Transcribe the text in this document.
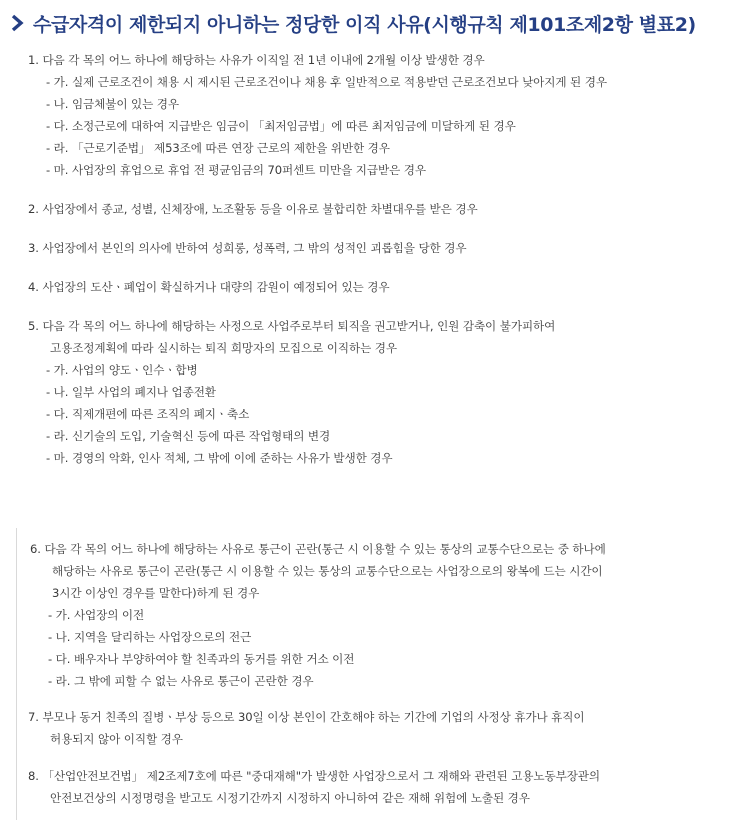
수급자격이 제한되지 아니하는 정당한 이직 사유(시행규칙 제101조제2항 별표2)
1. 다음 각 목의 어느 하나에 해당하는 사유가 이직일 전 1년 이내에 2개월 이상 발생한 경우
- 가. 실제 근로조건이 채용 시 제시된 근로조건이나 채용 후 일반적으로 적용받던 근로조건보다 낮아지게 된 경우
- 나. 임금체불이 있는 경우
- 다. 소정근로에 대하여 지급받은 임금이 「최저임금법」에 따른 최저임금에 미달하게 된 경우
- 라. 「근로기준법」 제53조에 따른 연장 근로의 제한을 위반한 경우
- 마. 사업장의 휴업으로 휴업 전 평균임금의 70퍼센트 미만을 지급받은 경우
2. 사업장에서 종교, 성별, 신체장애, 노조활동 등을 이유로 불합리한 차별대우를 받은 경우
3. 사업장에서 본인의 의사에 반하여 성희롱, 성폭력, 그 밖의 성적인 괴롭힘을 당한 경우
4. 사업장의 도산ㆍ폐업이 확실하거나 대량의 감원이 예정되어 있는 경우
5. 다음 각 목의 어느 하나에 해당하는 사정으로 사업주로부터 퇴직을 권고받거나, 인원 감축이 불가피하여
고용조정계획에 따라 실시하는 퇴직 희망자의 모집으로 이직하는 경우
- 가. 사업의 양도ㆍ인수ㆍ합병
- 나. 일부 사업의 폐지나 업종전환
- 다. 직제개편에 따른 조직의 폐지ㆍ축소
- 라. 신기술의 도입, 기술혁신 등에 따른 작업형태의 변경
- 마. 경영의 악화, 인사 적체, 그 밖에 이에 준하는 사유가 발생한 경우
6. 다음 각 목의 어느 하나에 해당하는 사유로 통근이 곤란(통근 시 이용할 수 있는 통상의 교통수단으로는 중 하나에
해당하는 사유로 통근이 곤란(통근 시 이용할 수 있는 통상의 교통수단으로는 사업장으로의 왕복에 드는 시간이
3시간 이상인 경우를 말한다)하게 된 경우
- 가. 사업장의 이전
- 나. 지역을 달리하는 사업장으로의 전근
- 다. 배우자나 부양하여야 할 친족과의 동거를 위한 거소 이전
- 라. 그 밖에 피할 수 없는 사유로 통근이 곤란한 경우
7. 부모나 동거 친족의 질병ㆍ부상 등으로 30일 이상 본인이 간호해야 하는 기간에 기업의 사정상 휴가나 휴직이
허용되지 않아 이직할 경우
8. 「산업안전보건법」 제2조제7호에 따른 "중대재해"가 발생한 사업장으로서 그 재해와 관련된 고용노동부장관의
안전보건상의 시정명령을 받고도 시정기간까지 시정하지 아니하여 같은 재해 위험에 노출된 경우
